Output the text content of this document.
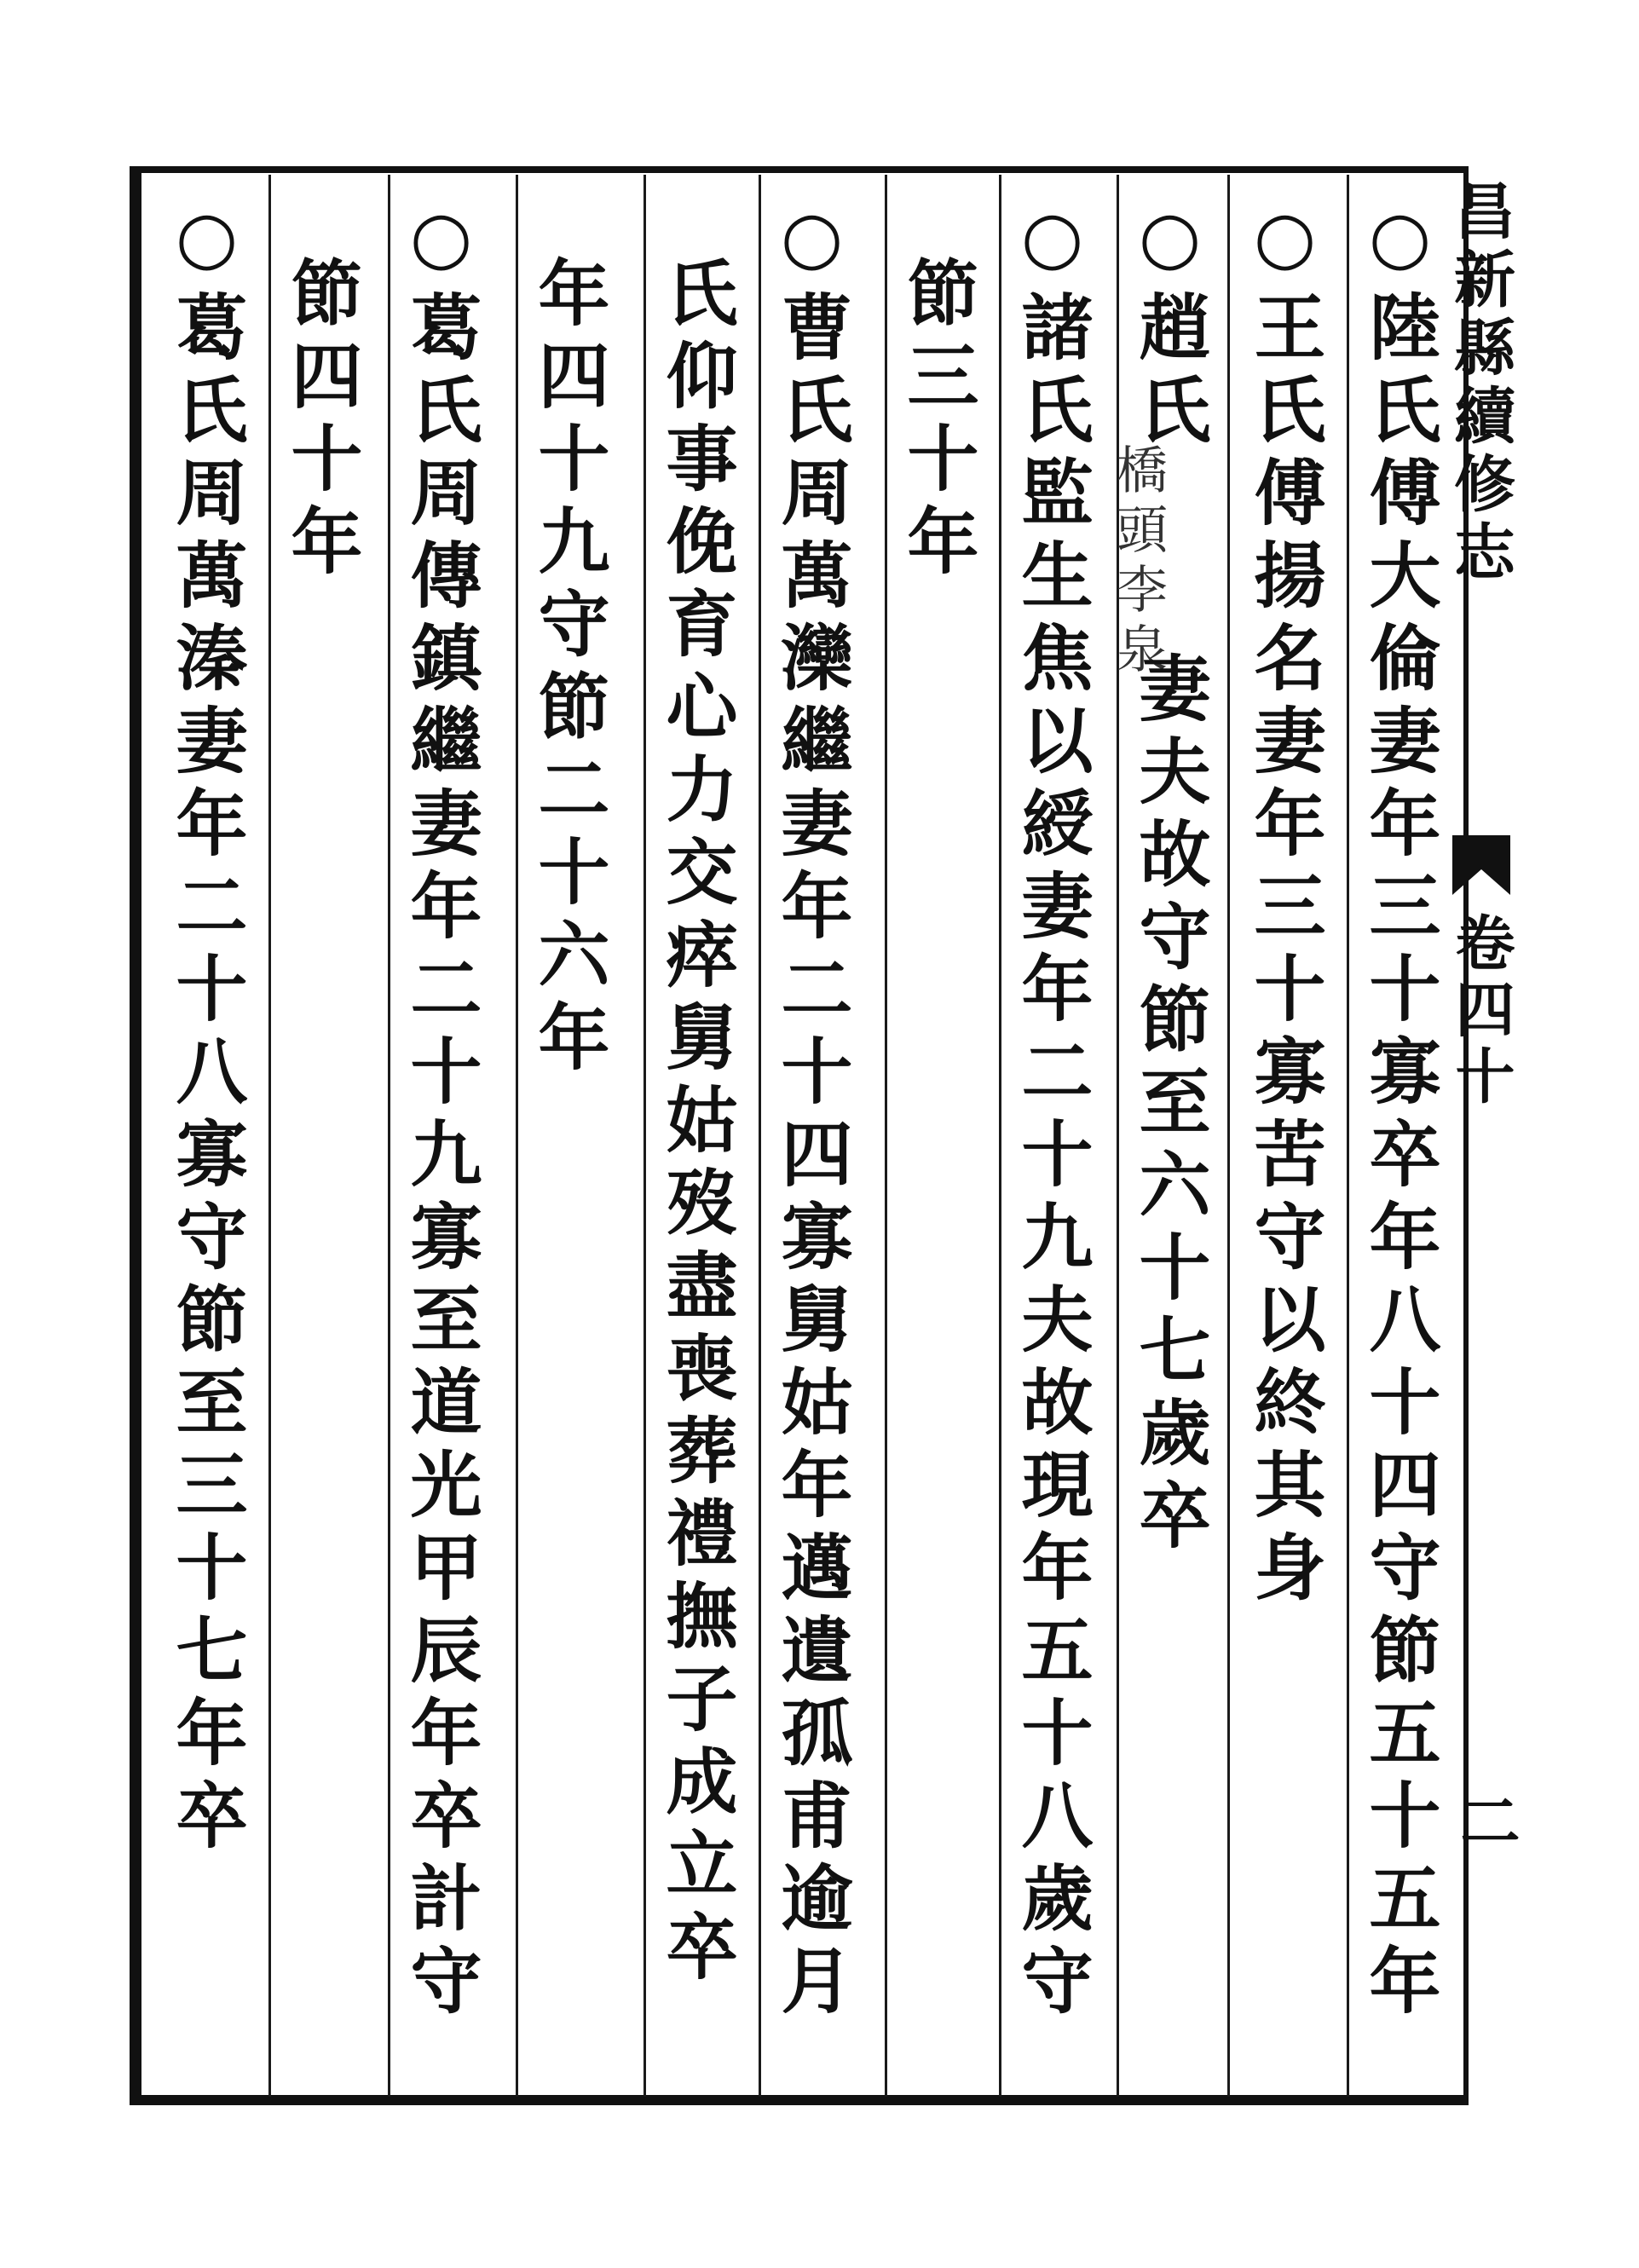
昌新縣續修志
卷四十
二
○陸氏傅大倫妻年三十寡卒年八十四守節五十五年
○王氏傅揚名妻年三十寡苦守以終其身
○趙氏
橋頭李泉
妻夫故守節至六十七歲卒
○諸氏監生焦以綬妻年二十九夫故現年五十八歲守
節三十年
○曹氏周萬灤繼妻年二十四寡舅姑年邁遺孤甫逾月
氏仰事俛育心力交瘁舅姑歿盡喪葬禮撫子成立卒
年四十九守節二十六年
○葛氏周傳鎮繼妻年二十九寡至道光甲辰年卒計守
節四十年
○葛氏周萬溱妻年二十八寡守節至三十七年卒
